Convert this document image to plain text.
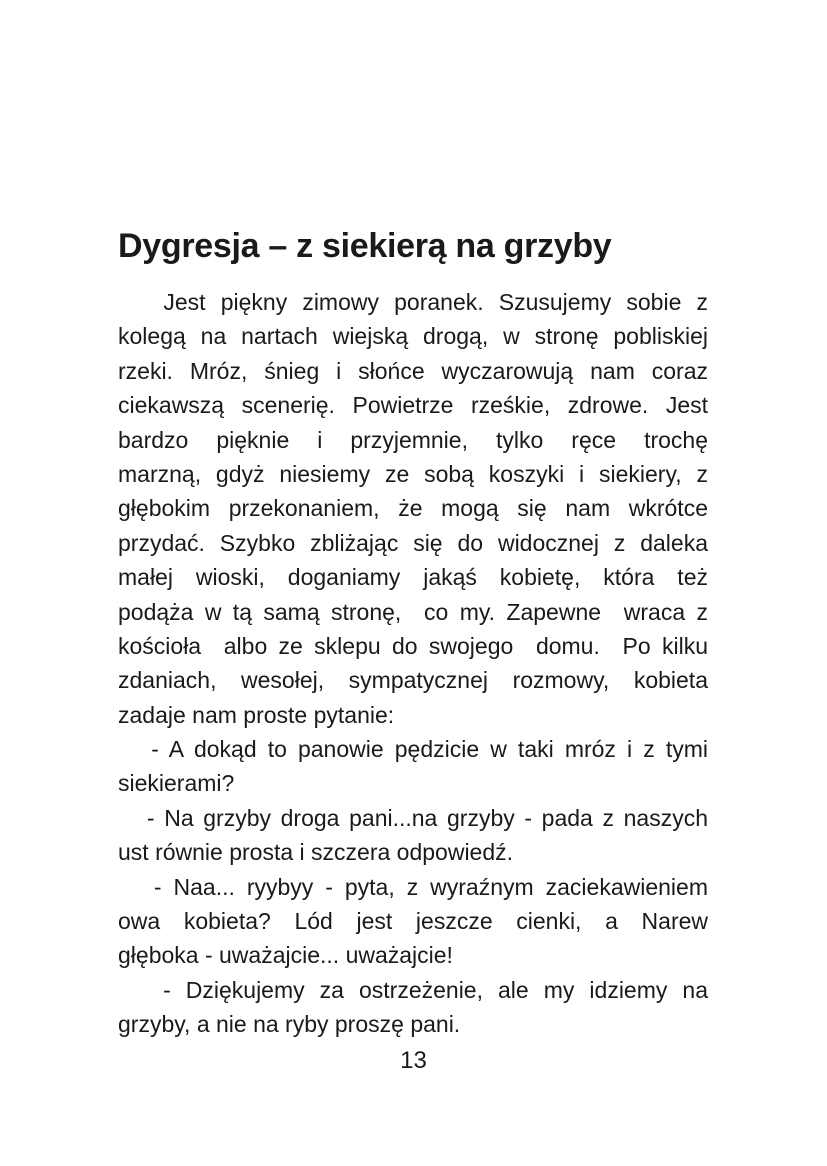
Dygresja – z siekierą na grzyby
Jest piękny zimowy poranek. Szusujemy sobie z
kolegą na nartach wiejską drogą, w stronę pobliskiej
rzeki. Mróz, śnieg i słońce wyczarowują nam coraz
ciekawszą scenerię. Powietrze rześkie, zdrowe. Jest
bardzo pięknie i przyjemnie, tylko ręce trochę
marzną, gdyż niesiemy ze sobą koszyki i siekiery, z
głębokim przekonaniem, że mogą się nam wkrótce
przydać. Szybko zbliżając się do widocznej z daleka
małej wioski, doganiamy jakąś kobietę, która też
podąża w tą samą stronę,  co my. Zapewne  wraca z
kościoła  albo ze sklepu do swojego  domu.  Po kilku
zdaniach, wesołej, sympatycznej rozmowy, kobieta
zadaje nam proste pytanie:
- A dokąd to panowie pędzicie w taki mróz i z tymi
siekierami?
- Na grzyby droga pani...na grzyby - pada z naszych
ust równie prosta i szczera odpowiedź.
- Naa... ryybyy - pyta, z wyraźnym zaciekawieniem
owa kobieta? Lód jest jeszcze cienki, a Narew
głęboka - uważajcie... uważajcie!
- Dziękujemy za ostrzeżenie, ale my idziemy na
grzyby, a nie na ryby proszę pani.
13
